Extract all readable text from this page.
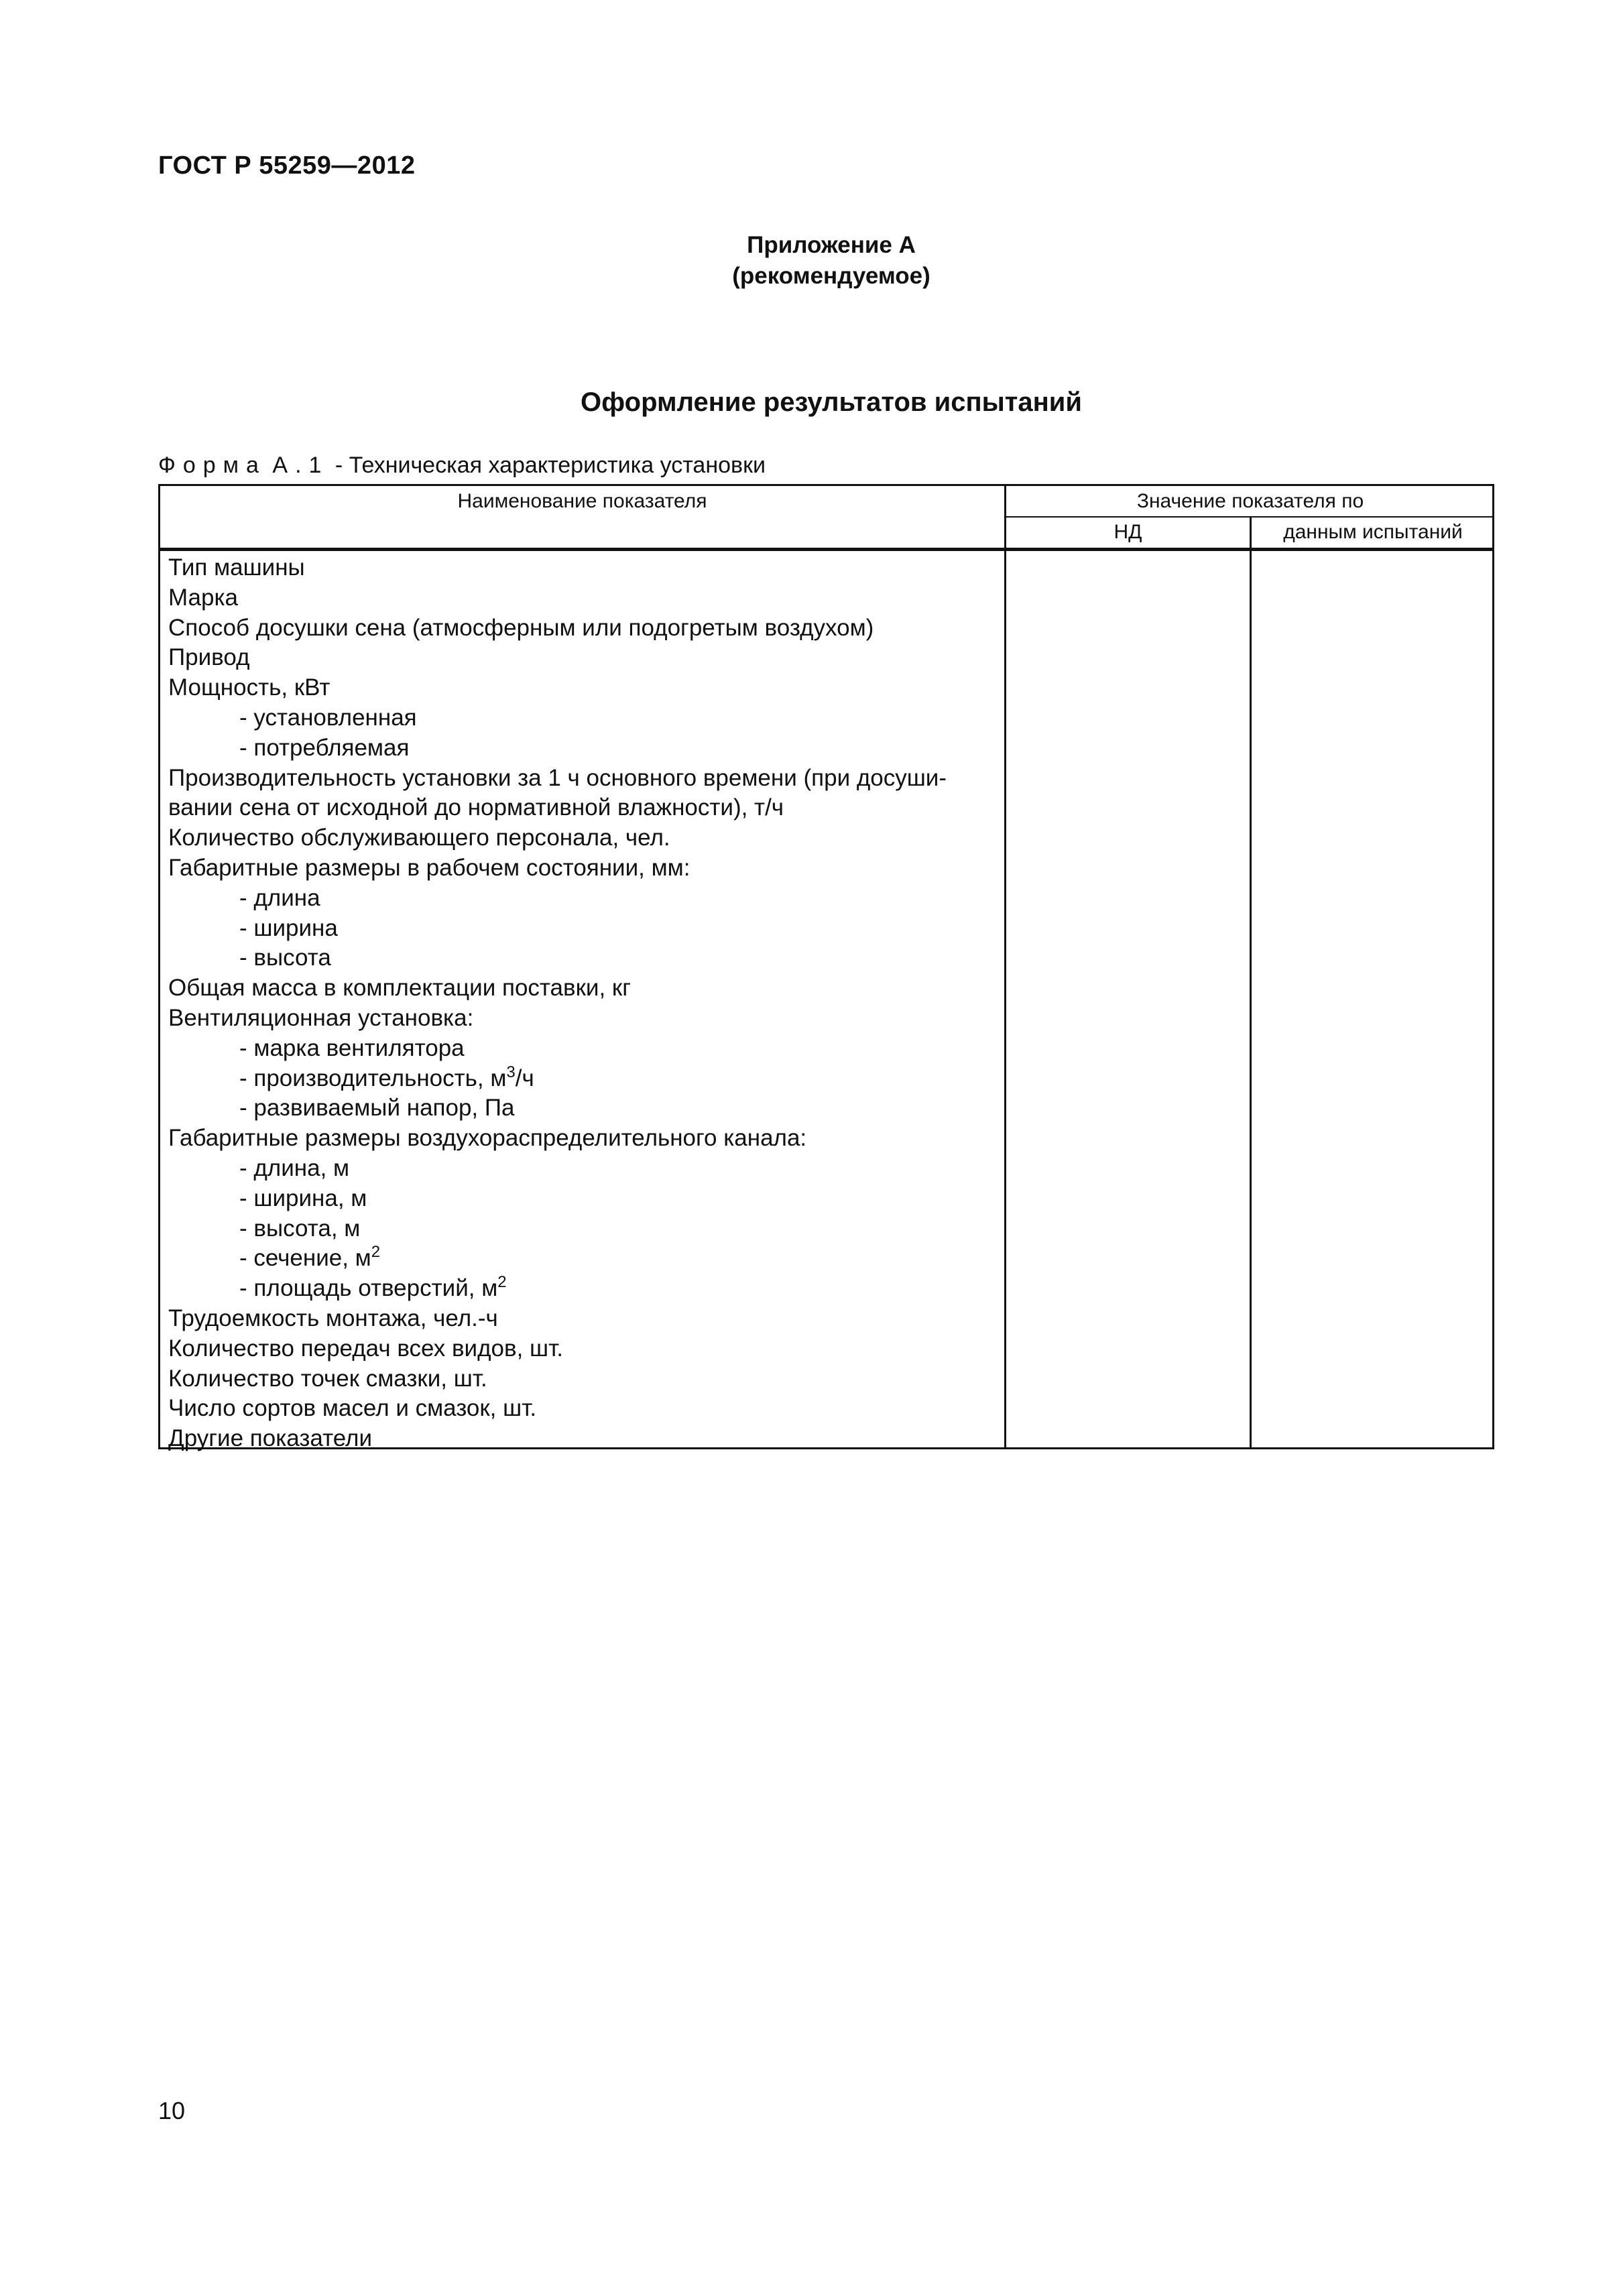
ГОСТ Р 55259—2012
Приложение А
(рекомендуемое)
Оформление результатов испытаний
Форма А.1 - Техническая характеристика установки
Наименование показателя	Значение показателя по
НД	данным испытаний
Тип машины
Марка
Способ досушки сена (атмосферным или подогретым воздухом)
Привод
Мощность, кВт
- установленная
- потребляемая
Производительность установки за 1 ч основного времени (при досуши-
вании сена от исходной до нормативной влажности), т/ч
Количество обслуживающего персонала, чел.
Габаритные размеры в рабочем состоянии, мм:
- длина
- ширина
- высота
Общая масса в комплектации поставки, кг
Вентиляционная установка:
- марка вентилятора
- производительность, $м^3/ч$
- развиваемый напор, Па
Габаритные размеры воздухораспределительного канала:
- длина, м
- ширина, м
- высота, м
- сечение, $м^2$
- площадь отверстий, $м^2$
Трудоемкость монтажа, чел.-ч
Количество передач всех видов, шт.
Количество точек смазки, шт.
Число сортов масел и смазок, шт.
Другие показатели
10
